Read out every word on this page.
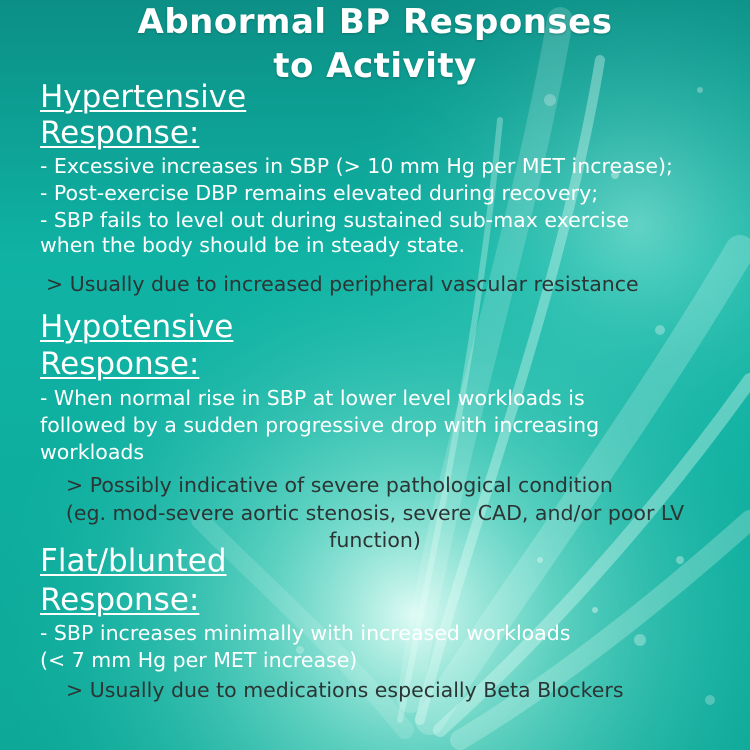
Abnormal BP Responses
to Activity
Hypertensive
Response:
- Excessive increases in SBP (> 10 mm Hg per MET increase);
- Post-exercise DBP remains elevated during recovery;
- SBP fails to level out during sustained sub-max exercise
when the body should be in steady state.
> Usually due to increased peripheral vascular resistance
Hypotensive
Response:
- When normal rise in SBP at lower level workloads is
followed by a sudden progressive drop with increasing
workloads
> Possibly indicative of severe pathological condition
(eg. mod-severe aortic stenosis, severe CAD, and/or poor LV
function)
Flat/blunted
Response:
- SBP increases minimally with increased workloads
(< 7 mm Hg per MET increase)
> Usually due to medications especially Beta Blockers
